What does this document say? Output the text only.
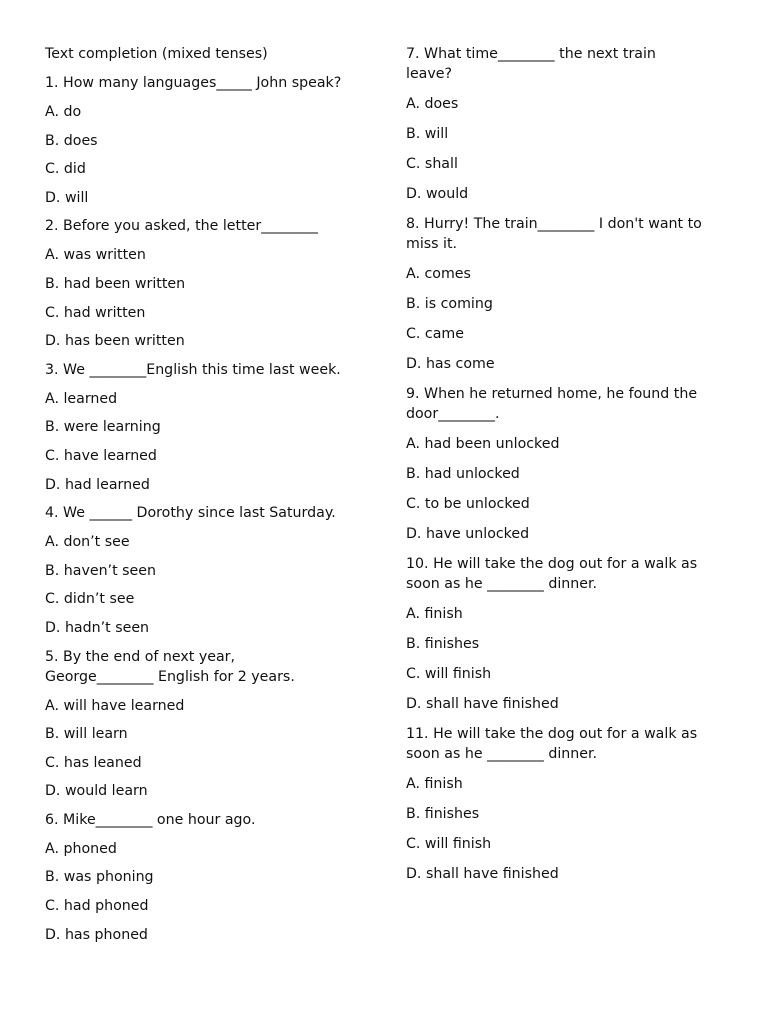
Text completion (mixed tenses)
1. How many languages_____ John speak?
A. do
B. does
C. did
D. will
2. Before you asked, the letter________
A. was written
B. had been written
C. had written
D. has been written
3. We ________English this time last week.
A. learned
B. were learning
C. have learned
D. had learned
4. We ______ Dorothy since last Saturday.
A. don’t see
B. haven’t seen
C. didn’t see
D. hadn’t seen
5. By the end of next year, George________ English for 2 years.
A. will have learned
B. will learn
C. has leaned
D. would learn
6. Mike________ one hour ago.
A. phoned
B. was phoning
C. had phoned
D. has phoned
7. What time________ the next train leave?
A. does
B. will
C. shall
D. would
8. Hurry! The train________ I don't want to miss it.
A. comes
B. is coming
C. came
D. has come
9. When he returned home, he found the door________.
A. had been unlocked
B. had unlocked
C. to be unlocked
D. have unlocked
10. He will take the dog out for a walk as soon as he ________ dinner.
A. finish
B. finishes
C. will finish
D. shall have finished
11. He will take the dog out for a walk as soon as he ________ dinner.
A. finish
B. finishes
C. will finish
D. shall have finished
